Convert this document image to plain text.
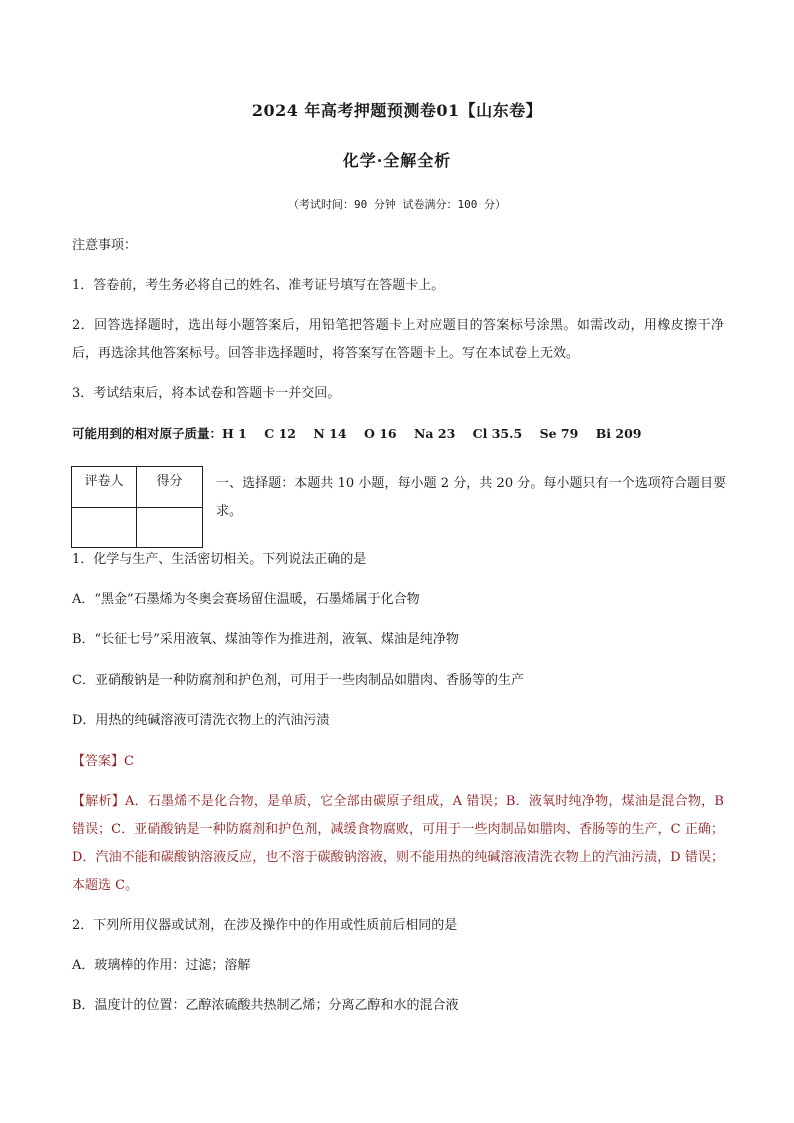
2024 年高考押题预测卷01【山东卷】
化学·全解全析
（考试时间：90 分钟 试卷满分：100 分）
注意事项：
1．答卷前，考生务必将自己的姓名、准考证号填写在答题卡上。
2．回答选择题时，选出每小题答案后，用铅笔把答题卡上对应题目的答案标号涂黑。如需改动，用橡皮擦干净后，再选涂其他答案标号。回答非选择题时，将答案写在答题卡上。写在本试卷上无效。
3．考试结束后，将本试卷和答题卡一并交回。
可能用到的相对原子质量：H 1    C 12    N 14    O 16    Na 23    Cl 35.5    Se 79    Bi 209
评卷人	得分	一、选择题：本题共 10 小题，每小题 2 分，共 20 分。每小题只有一个选项符合题目要求。
1．化学与生产、生活密切相关。下列说法正确的是
A．“黑金”石墨烯为冬奥会赛场留住温暖，石墨烯属于化合物
B．“长征七号”采用液氧、煤油等作为推进剂，液氧、煤油是纯净物
C．亚硝酸钠是一种防腐剂和护色剂，可用于一些肉制品如腊肉、香肠等的生产
D．用热的纯碱溶液可清洗衣物上的汽油污渍
【答案】C
【解析】A．石墨烯不是化合物，是单质，它全部由碳原子组成，A 错误；B．液氧时纯净物，煤油是混合物，B 错误；C．亚硝酸钠是一种防腐剂和护色剂，减缓食物腐败，可用于一些肉制品如腊肉、香肠等的生产，C 正确；D．汽油不能和碳酸钠溶液反应，也不溶于碳酸钠溶液，则不能用热的纯碱溶液清洗衣物上的汽油污渍，D 错误；本题选 C。
2．下列所用仪器或试剂，在涉及操作中的作用或性质前后相同的是
A．玻璃棒的作用：过滤；溶解
B．温度计的位置：乙醇浓硫酸共热制乙烯；分离乙醇和水的混合液
